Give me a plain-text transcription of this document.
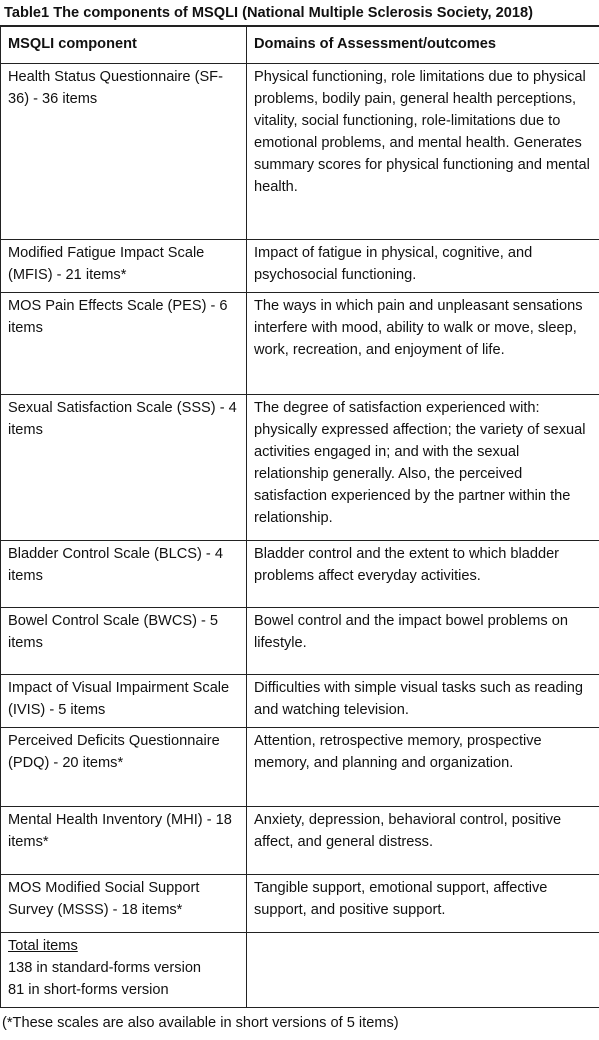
Table1 The components of MSQLI (National Multiple Sclerosis Society, 2018)
MSQLI component	Domains of Assessment/outcomes

Health Status Questionnaire (SF-36) - 36 items	Physical functioning, role limitations due to physical problems, bodily pain, general health perceptions, vitality, social functioning, role-limitations due to emotional problems, and mental health. Generates summary scores for physical functioning and mental health.

Modified Fatigue Impact Scale (MFIS) - 21 items*	Impact of fatigue in physical, cognitive, and psychosocial functioning.

MOS Pain Effects Scale (PES) - 6 items	The ways in which pain and unpleasant sensations interfere with mood, ability to walk or move, sleep, work, recreation, and enjoyment of life.

Sexual Satisfaction Scale (SSS) - 4 items	The degree of satisfaction experienced with: physically expressed affection; the variety of sexual activities engaged in; and with the sexual relationship generally. Also, the perceived satisfaction experienced by the partner within the relationship.

Bladder Control Scale (BLCS) - 4 items	Bladder control and the extent to which bladder problems affect everyday activities.

Bowel Control Scale (BWCS) - 5 items	Bowel control and the impact bowel problems on lifestyle.

Impact of Visual Impairment Scale (IVIS) - 5 items	Difficulties with simple visual tasks such as reading and watching television.

Perceived Deficits Questionnaire (PDQ) - 20 items*	Attention, retrospective memory, prospective memory, and planning and organization.

Mental Health Inventory (MHI) - 18 items*	Anxiety, depression, behavioral control, positive affect, and general distress.

MOS Modified Social Support Survey (MSSS) - 18 items*	Tangible support, emotional support, affective support, and positive support.

Total items
138 in standard-forms version
81 in short-forms version	

(*These scales are also available in short versions of 5 items)
